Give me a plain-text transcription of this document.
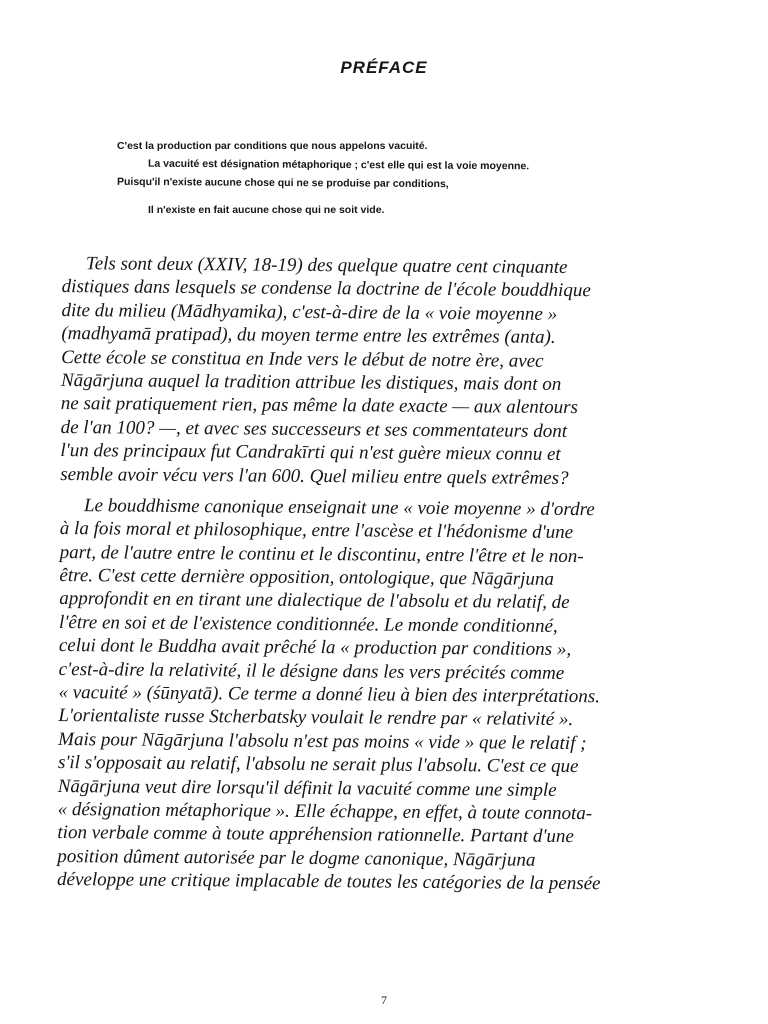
PRÉFACE
C'est la production par conditions que nous appelons vacuité.
La vacuité est désignation métaphorique ; c'est elle qui est la voie moyenne.
Puisqu'il n'existe aucune chose qui ne se produise par conditions,
Il n'existe en fait aucune chose qui ne soit vide.
Tels sont deux (XXIV, 18-19) des quelque quatre cent cinquante
distiques dans lesquels se condense la doctrine de l'école bouddhique
dite du milieu (Mādhyamika), c'est-à-dire de la « voie moyenne »
(madhyamā pratipad), du moyen terme entre les extrêmes (anta).
Cette école se constitua en Inde vers le début de notre ère, avec
Nāgārjuna auquel la tradition attribue les distiques, mais dont on
ne sait pratiquement rien, pas même la date exacte — aux alentours
de l'an 100? —, et avec ses successeurs et ses commentateurs dont
l'un des principaux fut Candrakīrti qui n'est guère mieux connu et
semble avoir vécu vers l'an 600. Quel milieu entre quels extrêmes?
Le bouddhisme canonique enseignait une « voie moyenne » d'ordre
à la fois moral et philosophique, entre l'ascèse et l'hédonisme d'une
part, de l'autre entre le continu et le discontinu, entre l'être et le non-
être. C'est cette dernière opposition, ontologique, que Nāgārjuna
approfondit en en tirant une dialectique de l'absolu et du relatif, de
l'être en soi et de l'existence conditionnée. Le monde conditionné,
celui dont le Buddha avait prêché la « production par conditions »,
c'est-à-dire la relativité, il le désigne dans les vers précités comme
« vacuité » (śūnyatā). Ce terme a donné lieu à bien des interprétations.
L'orientaliste russe Stcherbatsky voulait le rendre par « relativité ».
Mais pour Nāgārjuna l'absolu n'est pas moins « vide » que le relatif ;
s'il s'opposait au relatif, l'absolu ne serait plus l'absolu. C'est ce que
Nāgārjuna veut dire lorsqu'il définit la vacuité comme une simple
« désignation métaphorique ». Elle échappe, en effet, à toute connota-
tion verbale comme à toute appréhension rationnelle. Partant d'une
position dûment autorisée par le dogme canonique, Nāgārjuna
développe une critique implacable de toutes les catégories de la pensée
7
